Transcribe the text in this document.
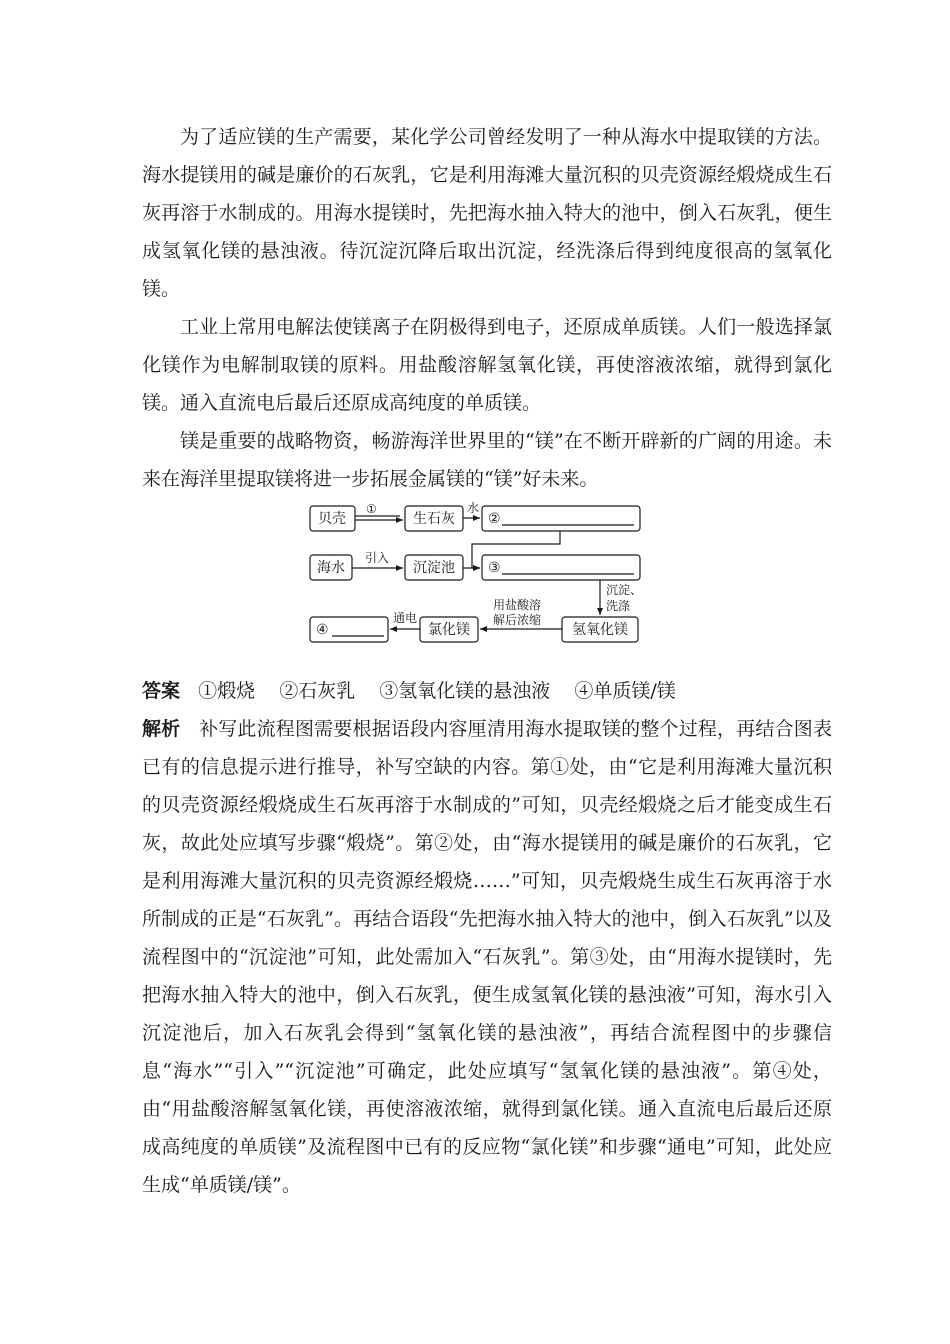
为了适应镁的生产需要，某化学公司曾经发明了一种从海水中提取镁的方法。海水提镁用的碱是廉价的石灰乳，它是利用海滩大量沉积的贝壳资源经煅烧成生石灰再溶于水制成的。用海水提镁时，先把海水抽入特大的池中，倒入石灰乳，便生成氢氧化镁的悬浊液。待沉淀沉降后取出沉淀，经洗涤后得到纯度很高的氢氧化镁。

工业上常用电解法使镁离子在阴极得到电子，还原成单质镁。人们一般选择氯化镁作为电解制取镁的原料。用盐酸溶解氢氧化镁，再使溶液浓缩，就得到氯化镁。通入直流电后最后还原成高纯度的单质镁。

镁是重要的战略物资，畅游海洋世界里的“镁”在不断开辟新的广阔的用途。未来在海洋里提取镁将进一步拓展金属镁的“镁”好未来。

贝壳	生石灰 ②
海水	沉淀池 ③
④	氯化镁	氢氧化镁
①	水
引入
沉淀、
洗涤
用盐酸溶
解后浓缩
通电

答案 ①煅烧 ②石灰乳 ③氢氧化镁的悬浊液 ④单质镁/镁

解析 补写此流程图需要根据语段内容厘清用海水提取镁的整个过程，再结合图表已有的信息提示进行推导，补写空缺的内容。第①处，由“它是利用海滩大量沉积的贝壳资源经煅烧成生石灰再溶于水制成的”可知，贝壳经煅烧之后才能变成生石灰，故此处应填写步骤“煅烧”。第②处，由“海水提镁用的碱是廉价的石灰乳，它是利用海滩大量沉积的贝壳资源经煅烧……”可知，贝壳煅烧生成生石灰再溶于水所制成的正是“石灰乳”。再结合语段“先把海水抽入特大的池中，倒入石灰乳”以及流程图中的“沉淀池”可知，此处需加入“石灰乳”。第③处，由“用海水提镁时，先把海水抽入特大的池中，倒入石灰乳，便生成氢氧化镁的悬浊液”可知，海水引入沉淀池后，加入石灰乳会得到“氢氧化镁的悬浊液”，再结合流程图中的步骤信息“海水”“引入”“沉淀池”可确定，此处应填写“氢氧化镁的悬浊液”。第④处，由“用盐酸溶解氢氧化镁，再使溶液浓缩，就得到氯化镁。通入直流电后最后还原成高纯度的单质镁”及流程图中已有的反应物“氯化镁”和步骤“通电”可知，此处应生成“单质镁/镁”。
